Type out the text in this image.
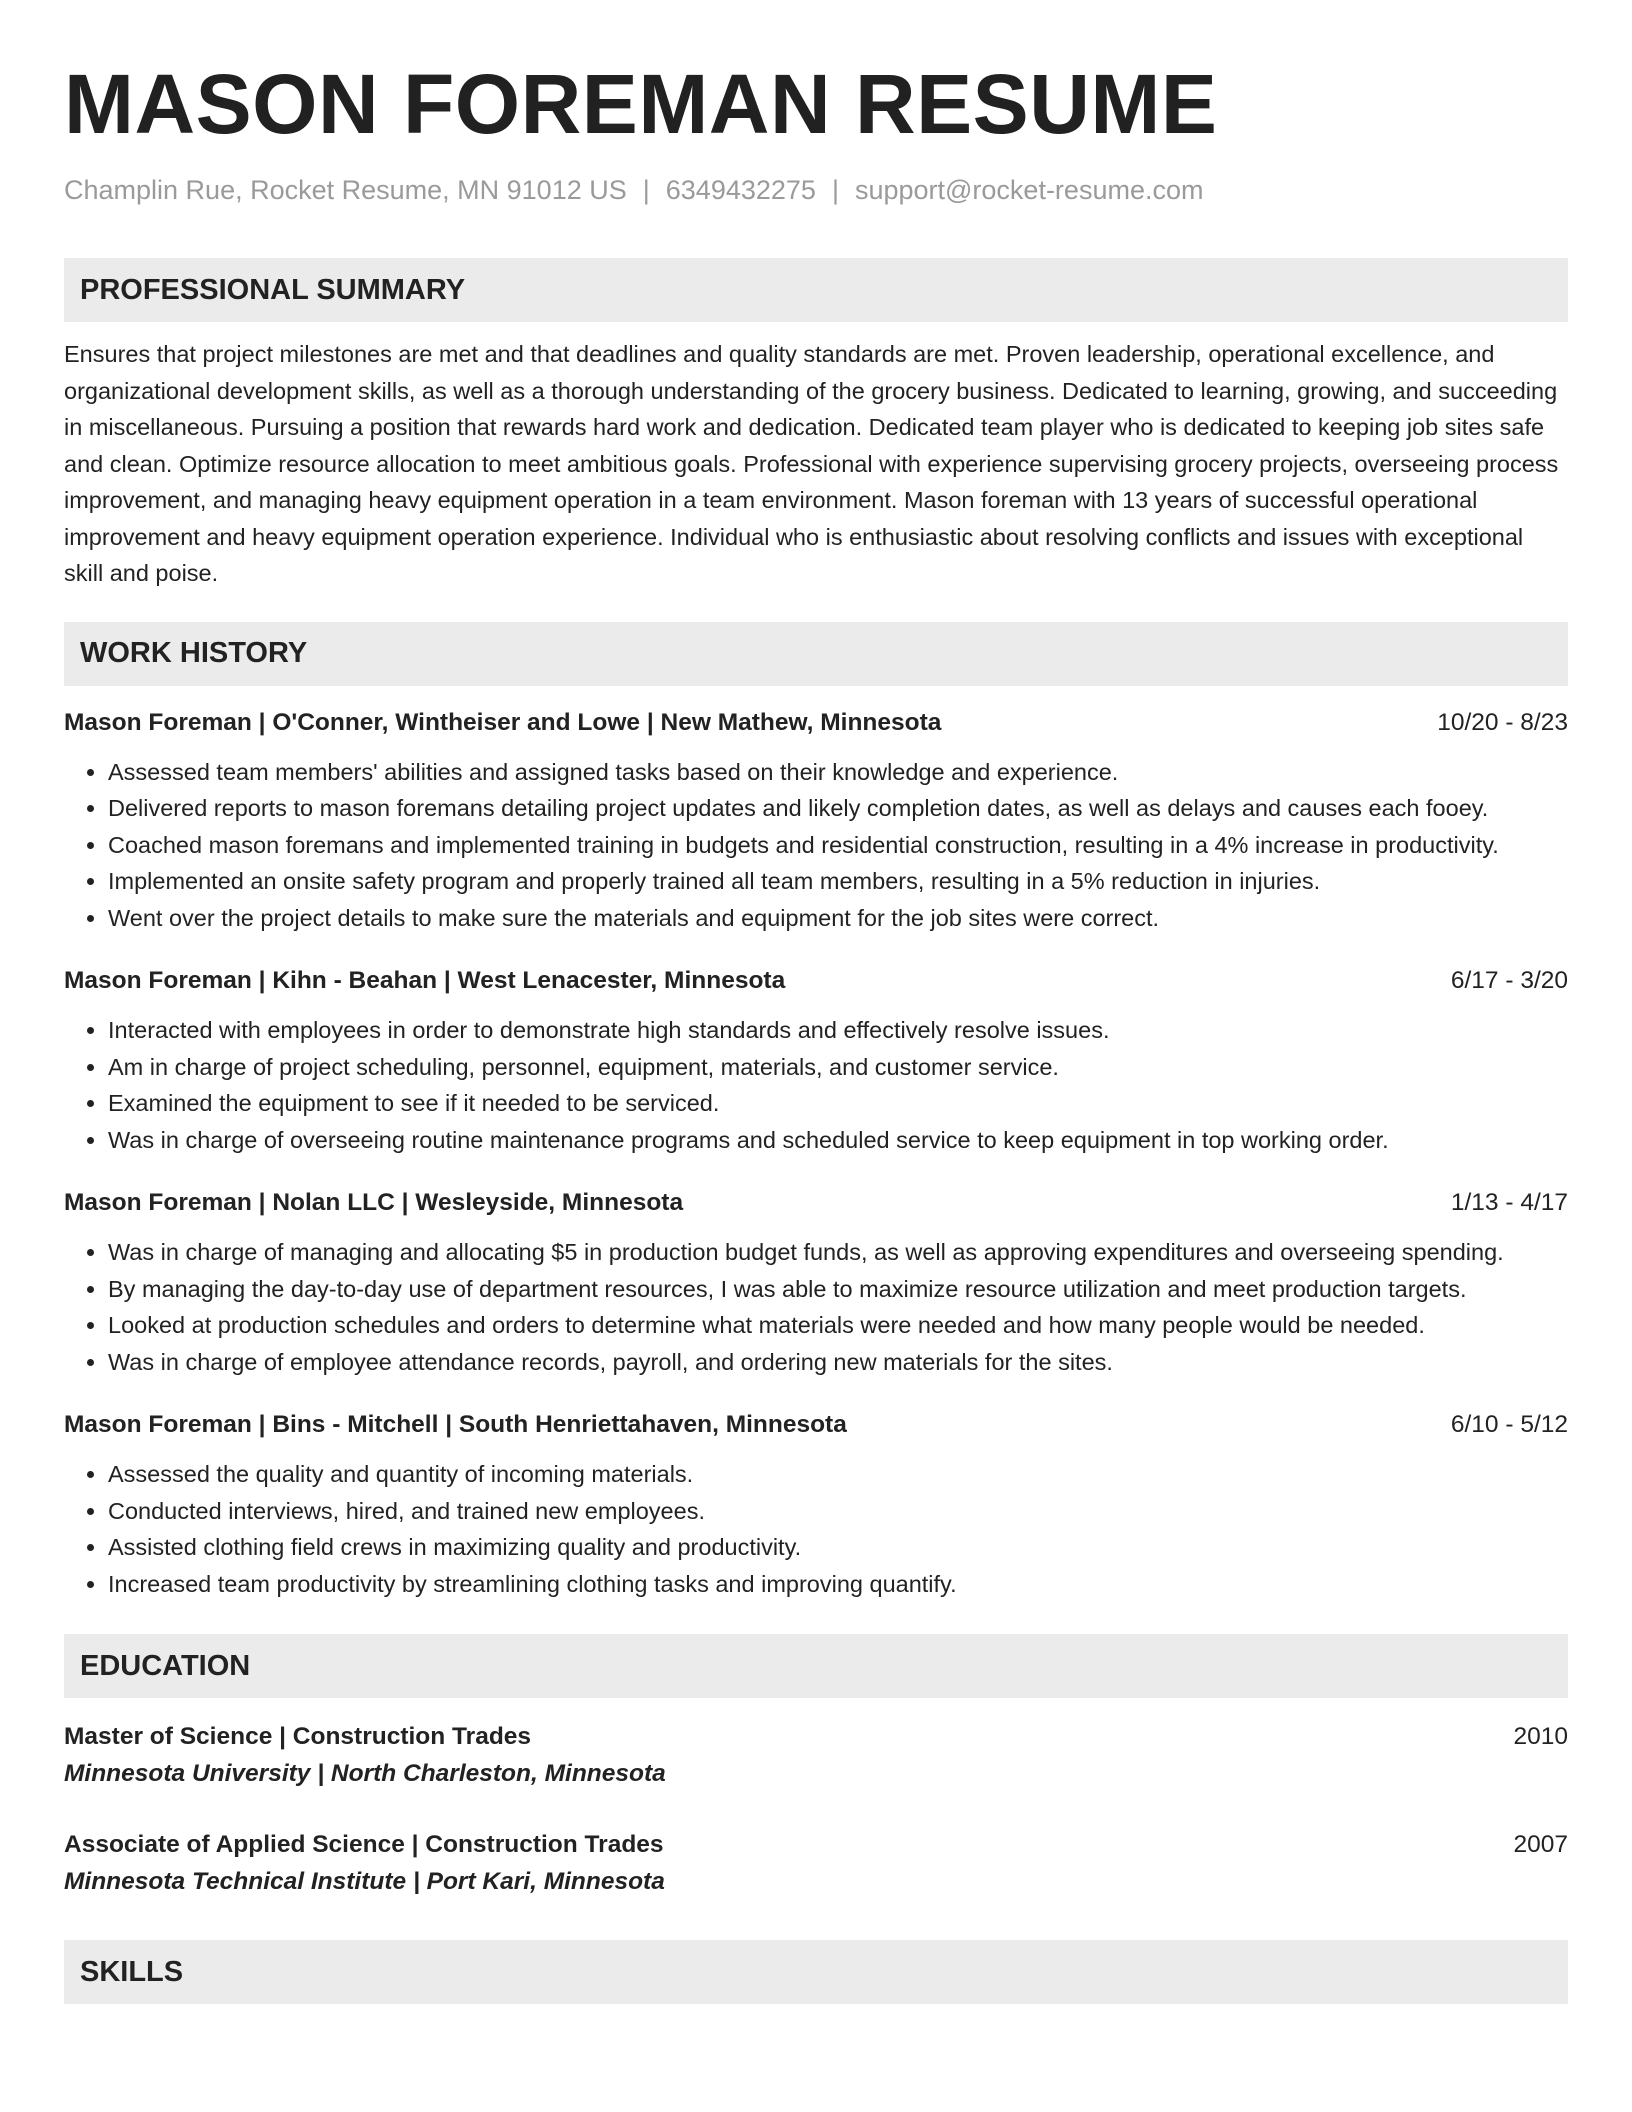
MASON FOREMAN RESUME
Champlin Rue, Rocket Resume, MN 91012 US | 6349432275 | support@rocket-resume.com
PROFESSIONAL SUMMARY

Ensures that project milestones are met and that deadlines and quality standards are met. Proven leadership, operational excellence, and organizational development skills, as well as a thorough understanding of the grocery business. Dedicated to learning, growing, and succeeding in miscellaneous. Pursuing a position that rewards hard work and dedication. Dedicated team player who is dedicated to keeping job sites safe and clean. Optimize resource allocation to meet ambitious goals. Professional with experience supervising grocery projects, overseeing process improvement, and managing heavy equipment operation in a team environment. Mason foreman with 13 years of successful operational improvement and heavy equipment operation experience. Individual who is enthusiastic about resolving conflicts and issues with exceptional skill and poise.

WORK HISTORY
Mason Foreman | O'Conner, Wintheiser and Lowe | New Mathew, Minnesota	10/20 - 8/23
• Assessed team members' abilities and assigned tasks based on their knowledge and experience.
• Delivered reports to mason foremans detailing project updates and likely completion dates, as well as delays and causes each fooey.
• Coached mason foremans and implemented training in budgets and residential construction, resulting in a 4% increase in productivity.
• Implemented an onsite safety program and properly trained all team members, resulting in a 5% reduction in injuries.
• Went over the project details to make sure the materials and equipment for the job sites were correct.
Mason Foreman | Kihn - Beahan | West Lenacester, Minnesota	6/17 - 3/20
• Interacted with employees in order to demonstrate high standards and effectively resolve issues.
• Am in charge of project scheduling, personnel, equipment, materials, and customer service.
• Examined the equipment to see if it needed to be serviced.
• Was in charge of overseeing routine maintenance programs and scheduled service to keep equipment in top working order.
Mason Foreman | Nolan LLC | Wesleyside, Minnesota	1/13 - 4/17
• Was in charge of managing and allocating $5 in production budget funds, as well as approving expenditures and overseeing spending.
• By managing the day-to-day use of department resources, I was able to maximize resource utilization and meet production targets.
• Looked at production schedules and orders to determine what materials were needed and how many people would be needed.
• Was in charge of employee attendance records, payroll, and ordering new materials for the sites.
Mason Foreman | Bins - Mitchell | South Henriettahaven, Minnesota	6/10 - 5/12
• Assessed the quality and quantity of incoming materials.
• Conducted interviews, hired, and trained new employees.
• Assisted clothing field crews in maximizing quality and productivity.
• Increased team productivity by streamlining clothing tasks and improving quantify.
EDUCATION
Master of Science | Construction Trades	2010
Minnesota University | North Charleston, Minnesota
Associate of Applied Science | Construction Trades	2007
Minnesota Technical Institute | Port Kari, Minnesota
SKILLS
